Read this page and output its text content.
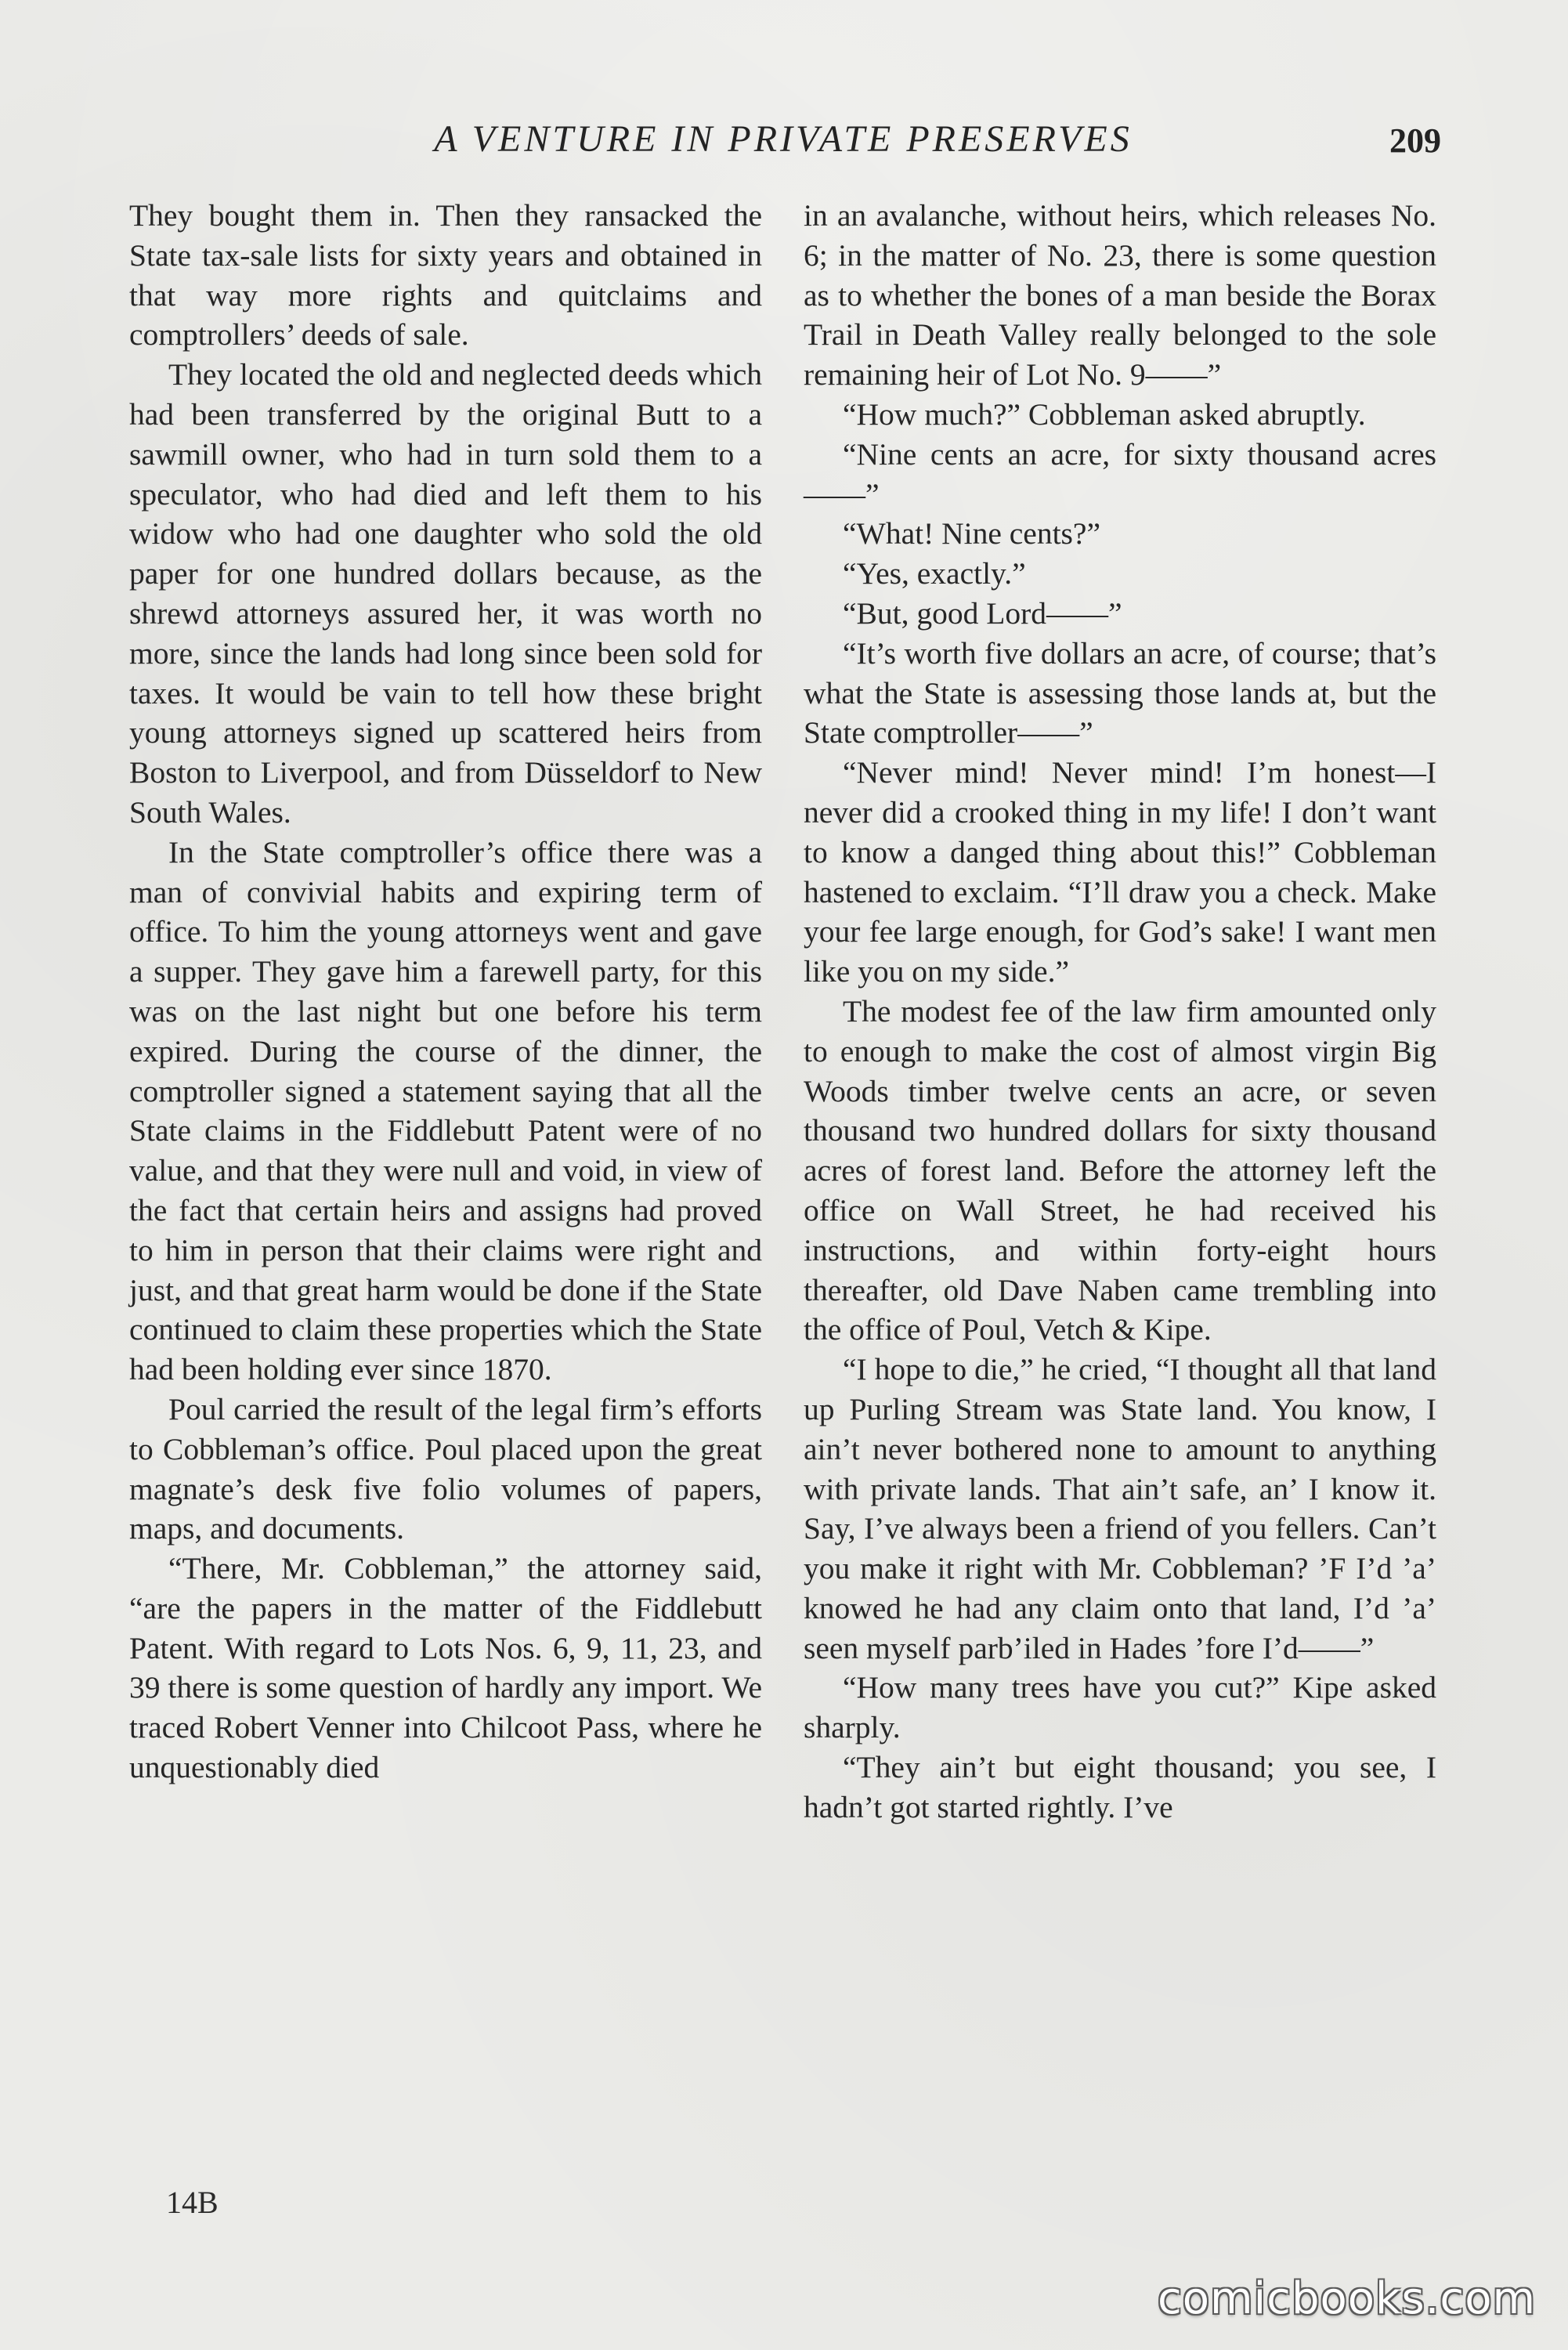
A VENTURE IN PRIVATE PRESERVES	209

They bought them in. Then they ransacked the State tax-sale lists for sixty years and obtained in that way more rights and quitclaims and comptrollers’ deeds of sale.

They located the old and neglected deeds which had been transferred by the original Butt to a sawmill owner, who had in turn sold them to a speculator, who had died and left them to his widow who had one daughter who sold the old paper for one hundred dollars because, as the shrewd attorneys assured her, it was worth no more, since the lands had long since been sold for taxes. It would be vain to tell how these bright young attorneys signed up scattered heirs from Boston to Liverpool, and from Düsseldorf to New South Wales.

In the State comptroller’s office there was a man of convivial habits and expiring term of office. To him the young attorneys went and gave a supper. They gave him a farewell party, for this was on the last night but one before his term expired. During the course of the dinner, the comptroller signed a statement saying that all the State claims in the Fiddlebutt Patent were of no value, and that they were null and void, in view of the fact that certain heirs and assigns had proved to him in person that their claims were right and just, and that great harm would be done if the State continued to claim these properties which the State had been holding ever since 1870.

Poul carried the result of the legal firm’s efforts to Cobbleman’s office. Poul placed upon the great magnate’s desk five folio volumes of papers, maps, and documents.

“There, Mr. Cobbleman,” the attorney said, “are the papers in the matter of the Fiddlebutt Patent. With regard to Lots Nos. 6, 9, 11, 23, and 39 there is some question of hardly any import. We traced Robert Venner into Chilcoot Pass, where he unquestionably died

in an avalanche, without heirs, which releases No. 6; in the matter of No. 23, there is some question as to whether the bones of a man beside the Borax Trail in Death Valley really belonged to the sole remaining heir of Lot No. 9——”

“How much?” Cobbleman asked abruptly.

“Nine cents an acre, for sixty thousand acres——”

“What! Nine cents?”

“Yes, exactly.”

“But, good Lord——”

“It’s worth five dollars an acre, of course; that’s what the State is assessing those lands at, but the State comptroller——”

“Never mind! Never mind! I’m honest—I never did a crooked thing in my life! I don’t want to know a danged thing about this!” Cobbleman hastened to exclaim. “I’ll draw you a check. Make your fee large enough, for God’s sake! I want men like you on my side.”

The modest fee of the law firm amounted only to enough to make the cost of almost virgin Big Woods timber twelve cents an acre, or seven thousand two hundred dollars for sixty thousand acres of forest land. Before the attorney left the office on Wall Street, he had received his instructions, and within forty-eight hours thereafter, old Dave Naben came trembling into the office of Poul, Vetch & Kipe.

“I hope to die,” he cried, “I thought all that land up Purling Stream was State land. You know, I ain’t never bothered none to amount to anything with private lands. That ain’t safe, an’ I know it. Say, I’ve always been a friend of you fellers. Can’t you make it right with Mr. Cobbleman? ’F I’d ’a’ knowed he had any claim onto that land, I’d ’a’ seen myself parb’iled in Hades ’fore I’d——”

“How many trees have you cut?” Kipe asked sharply.

“They ain’t but eight thousand; you see, I hadn’t got started rightly. I’ve

14B
comicbooks.com
